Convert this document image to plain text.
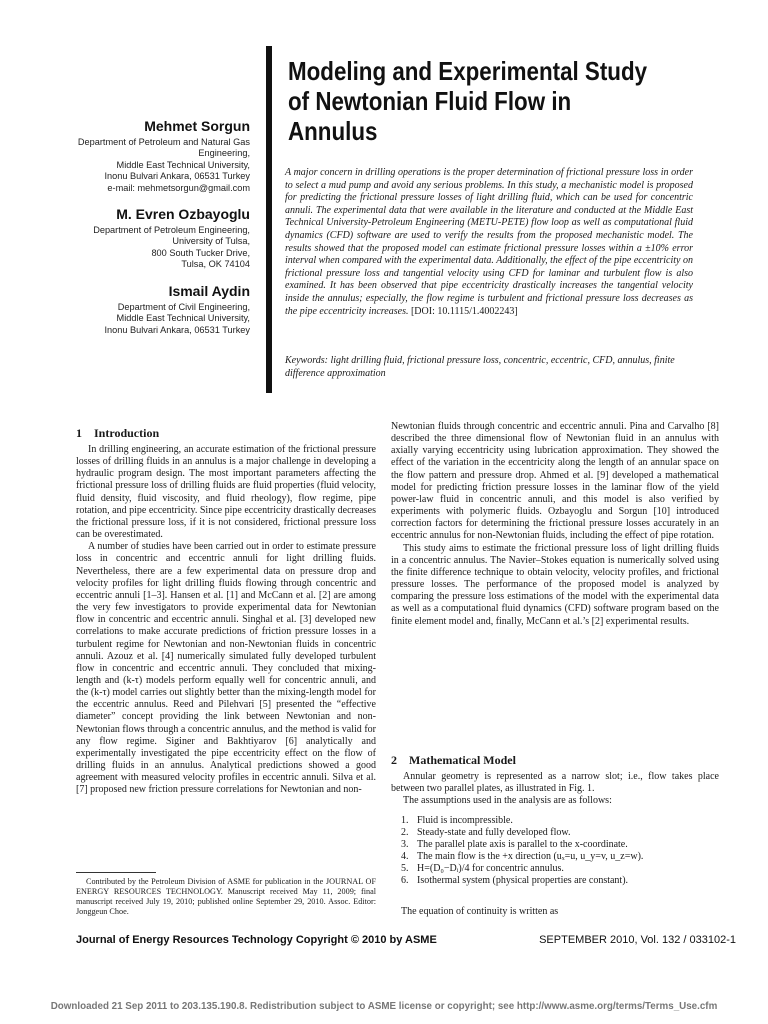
Mehmet Sorgun
Department of Petroleum and Natural Gas
Engineering,
Middle East Technical University,
Inonu Bulvari Ankara, 06531 Turkey
e-mail: mehmetsorgun@gmail.com
M. Evren Ozbayoglu
Department of Petroleum Engineering,
University of Tulsa,
800 South Tucker Drive,
Tulsa, OK 74104
Ismail Aydin
Department of Civil Engineering,
Middle East Technical University,
Inonu Bulvari Ankara, 06531 Turkey
Modeling and Experimental Study
of Newtonian Fluid Flow in
Annulus
A major concern in drilling operations is the proper determination of frictional pressure loss in order to select a mud pump and avoid any serious problems. In this study, a mechanistic model is proposed for predicting the frictional pressure losses of light drilling fluid, which can be used for concentric annuli. The experimental data that were available in the literature and conducted at the Middle East Technical University-Petroleum Engineering (METU-PETE) flow loop as well as computational fluid dynamics (CFD) software are used to verify the results from the proposed mechanistic model. The results showed that the proposed model can estimate frictional pressure losses within a ±10% error interval when compared with the experimental data. Additionally, the effect of the pipe eccentricity on frictional pressure loss and tangential velocity using CFD for laminar and turbulent flow is also examined. It has been observed that pipe eccentricity drastically increases the tangential velocity inside the annulus; especially, the flow regime is turbulent and frictional pressure loss decreases as the pipe eccentricity increases. [DOI: 10.1115/1.4002243]
Keywords: light drilling fluid, frictional pressure loss, concentric, eccentric, CFD, annulus, finite difference approximation
1 Introduction

In drilling engineering, an accurate estimation of the frictional pressure losses of drilling fluids in an annulus is a major challenge in developing a hydraulic program design. The most important parameters affecting the frictional pressure loss of drilling fluids are fluid properties (fluid velocity, fluid density, fluid viscosity, and fluid rheology), flow regime, pipe rotation, and pipe eccentricity. Since pipe eccentricity drastically decreases the frictional pressure loss, if it is not considered, frictional pressure loss can be overestimated.

A number of studies have been carried out in order to estimate pressure loss in concentric and eccentric annuli for light drilling fluids. Nevertheless, there are a few experimental data on pressure drop and velocity profiles for light drilling fluids flowing through concentric and eccentric annuli [1–3]. Hansen et al. [1] and McCann et al. [2] are among the very few investigators to provide experimental data for Newtonian flow in concentric and eccentric annuli. Singhal et al. [3] developed new correlations to make accurate predictions of friction pressure losses in a turbulent regime for Newtonian and non-Newtonian fluids in concentric annuli. Azouz et al. [4] numerically simulated fully developed turbulent flow in concentric and eccentric annuli. They concluded that mixing-length and (k-τ) models perform equally well for concentric annuli, and the (k-τ) model carries out slightly better than the mixing-length model for the eccentric annulus. Reed and Pilehvari [5] presented the “effective diameter” concept providing the link between Newtonian and non-Newtonian flows through a concentric annulus, and the method is valid for any flow regime. Siginer and Bakhtiyarov [6] analytically and experimentally investigated the pipe eccentricity effect on the flow of drilling fluids in an annulus. Analytical predictions showed a good agreement with measured velocity profiles in eccentric annuli. Silva et al. [7] proposed new friction pressure correlations for Newtonian and non-

Newtonian fluids through concentric and eccentric annuli. Pina and Carvalho [8] described the three dimensional flow of Newtonian fluid in an annulus with axially varying eccentricity using lubrication approximation. They showed the effect of the variation in the eccentricity along the length of an annular space on the flow pattern and pressure drop. Ahmed et al. [9] developed a mathematical model for predicting friction pressure losses in the laminar flow of the yield power-law fluid in concentric annuli, and this model is also verified by experiments with polymeric fluids. Ozbayoglu and Sorgun [10] introduced correction factors for determining the frictional pressure losses accurately in an eccentric annulus for non-Newtonian fluids, including the effect of pipe rotation.

This study aims to estimate the frictional pressure loss of light drilling fluids in a concentric annulus. The Navier–Stokes equation is numerically solved using the finite difference technique to obtain velocity, velocity profiles, and frictional pressure losses. The performance of the proposed model is analyzed by comparing the pressure loss estimations of the model with the experimental data as well as a computational fluid dynamics (CFD) software program based on the finite element model and, finally, McCann et al.’s [2] experimental results.

2 Mathematical Model

Annular geometry is represented as a narrow slot; i.e., flow takes place between two parallel plates, as illustrated in Fig. 1.

The assumptions used in the analysis are as follows:

1. Fluid is incompressible.
2. Steady-state and fully developed flow.
3. The parallel plate axis is parallel to the x-coordinate.
4. The main flow is the +x direction (uₓ=u, u_y=v, u_z=w).
5. H=(D₀−Dᵢ)/4 for concentric annulus.
6. Isothermal system (physical properties are constant).
The equation of continuity is written as
Contributed by the Petroleum Division of ASME for publication in the JOURNAL OF ENERGY RESOURCES TECHNOLOGY. Manuscript received May 11, 2009; final manuscript received July 19, 2010; published online September 29, 2010. Assoc. Editor: Jonggeun Choe.
Journal of Energy Resources Technology Copyright © 2010 by ASME	SEPTEMBER 2010, Vol. 132 / 033102-1
Downloaded 21 Sep 2011 to 203.135.190.8. Redistribution subject to ASME license or copyright; see http://www.asme.org/terms/Terms_Use.cfm
